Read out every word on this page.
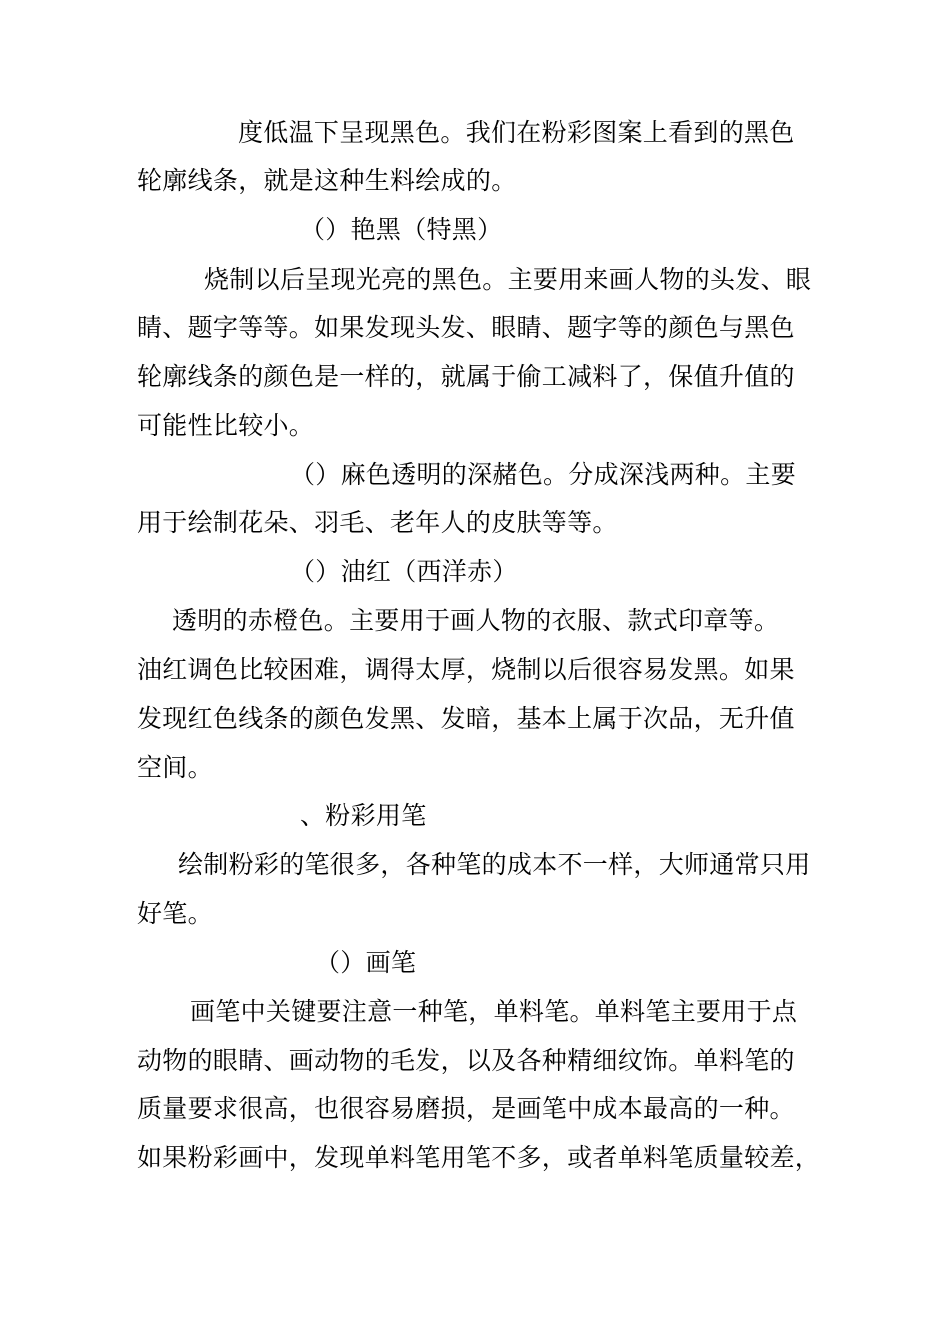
度低温下呈现黑色。我们在粉彩图案上看到的黑色
轮廓线条，就是这种生料绘成的。
（）艳黑（特黑）
烧制以后呈现光亮的黑色。主要用来画人物的头发、眼
睛、题字等等。如果发现头发、眼睛、题字等的颜色与黑色
轮廓线条的颜色是一样的，就属于偷工减料了，保值升值的
可能性比较小。
（）麻色透明的深赭色。分成深浅两种。主要
用于绘制花朵、羽毛、老年人的皮肤等等。
（）油红（西洋赤）
透明的赤橙色。主要用于画人物的衣服、款式印章等。
油红调色比较困难，调得太厚，烧制以后很容易发黑。如果
发现红色线条的颜色发黑、发暗，基本上属于次品，无升值
空间。
、粉彩用笔
绘制粉彩的笔很多，各种笔的成本不一样，大师通常只用
好笔。
（）画笔
画笔中关键要注意一种笔，单料笔。单料笔主要用于点
动物的眼睛、画动物的毛发，以及各种精细纹饰。单料笔的
质量要求很高，也很容易磨损，是画笔中成本最高的一种。
如果粉彩画中，发现单料笔用笔不多，或者单料笔质量较差，
